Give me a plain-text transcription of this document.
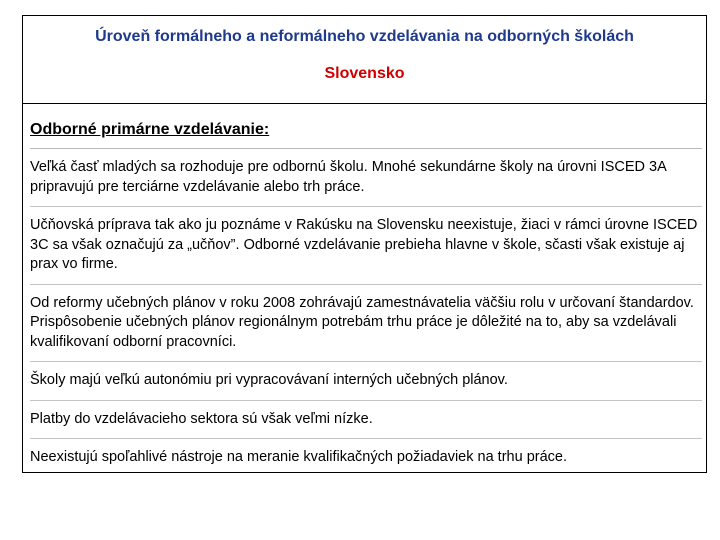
Úroveň formálneho a neformálneho vzdelávania na odborných školách

Slovensko

Odborné primárne vzdelávanie:

Veľká časť mladých sa rozhoduje pre odbornú školu. Mnohé sekundárne školy na úrovni ISCED 3A pripravujú pre terciárne vzdelávanie alebo trh práce.

Učňovská príprava tak ako ju poznáme v Rakúsku na Slovensku neexistuje, žiaci v rámci úrovne ISCED 3C sa však označujú za „učňov”. Odborné vzdelávanie prebieha hlavne v škole, sčasti však existuje aj prax vo firme.

Od reformy učebných plánov v roku 2008 zohrávajú zamestnávatelia väčšiu rolu v určovaní štandardov. Prispôsobenie učebných plánov regionálnym potrebám trhu práce je dôležité na to, aby sa vzdelávali kvalifikovaní odborní pracovníci.

Školy majú veľkú autonómiu pri vypracovávaní interných učebných plánov.

Platby do vzdelávacieho sektora sú však veľmi nízke.

Neexistujú spoľahlivé nástroje na meranie kvalifikačných požiadaviek na trhu práce.
